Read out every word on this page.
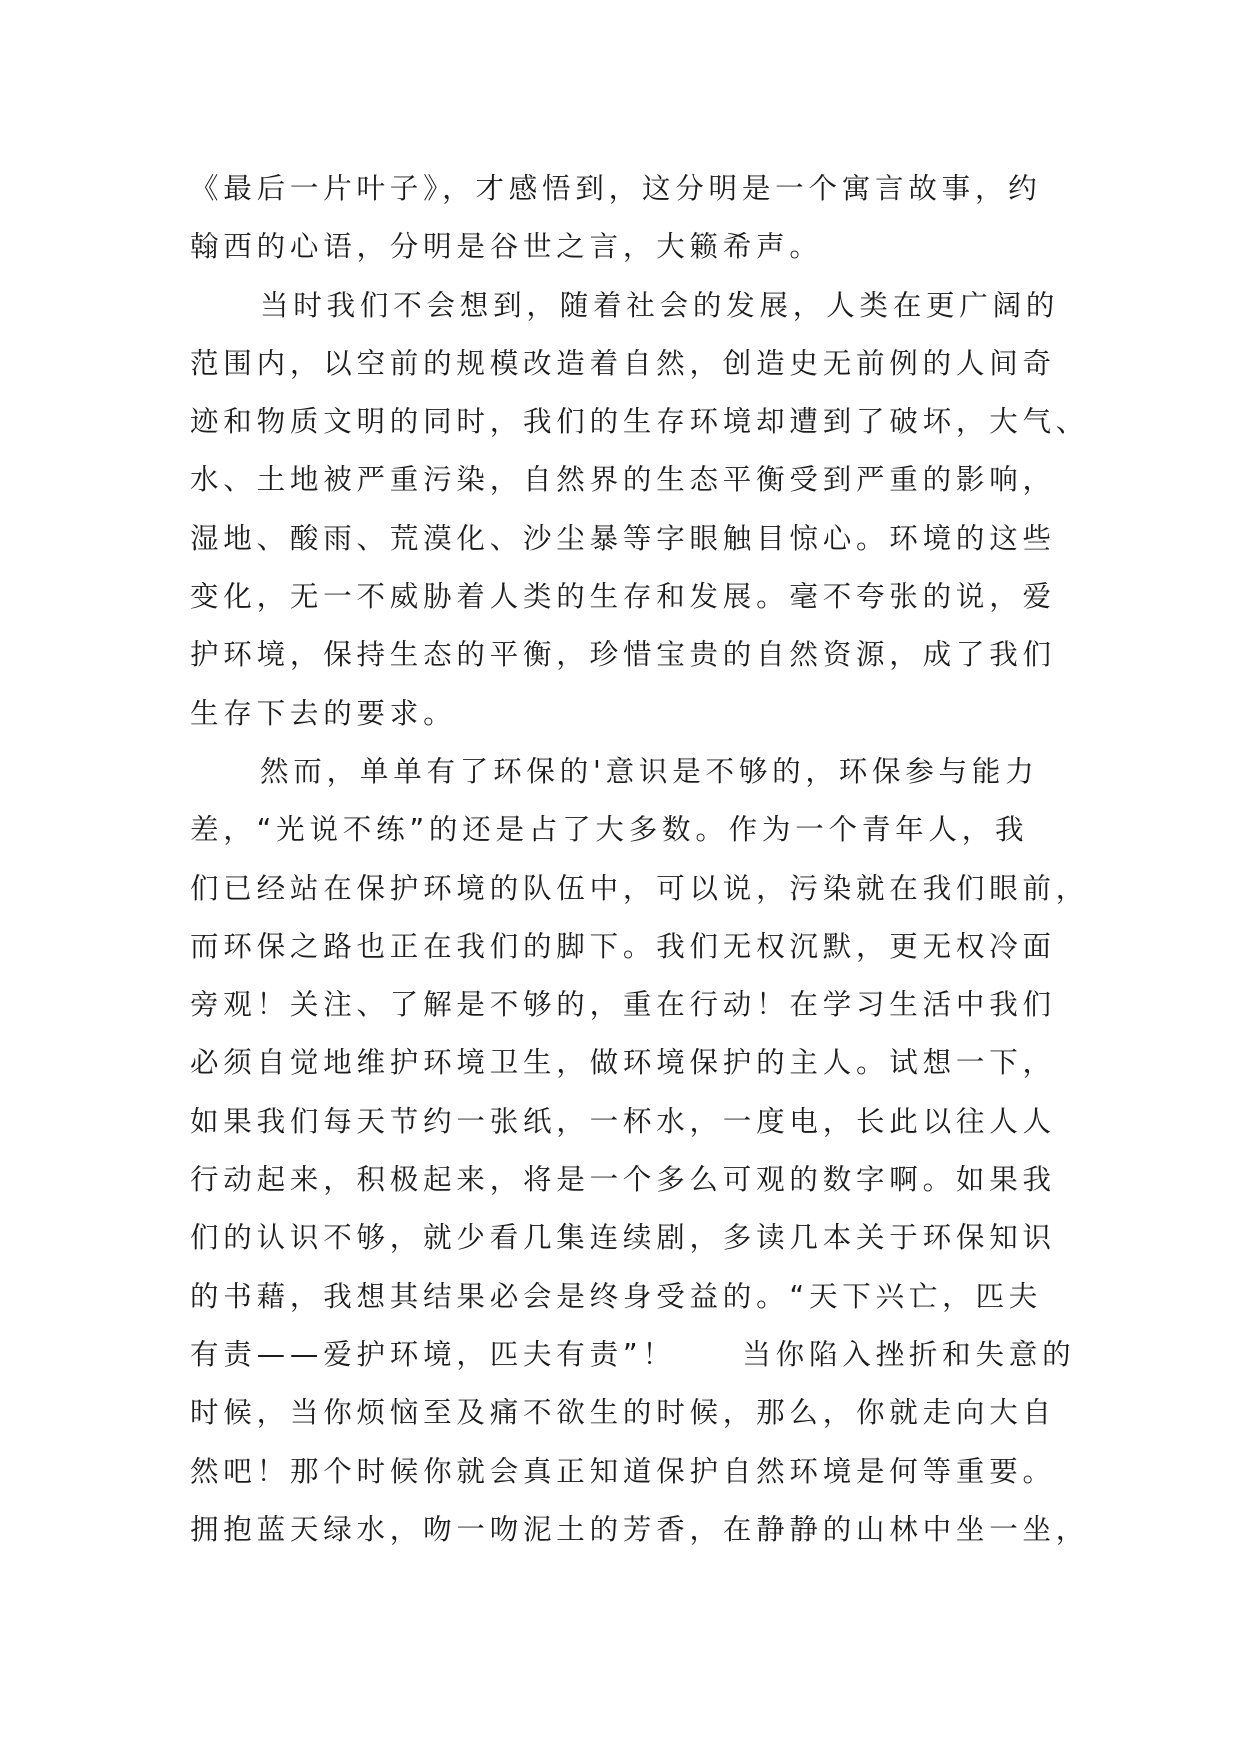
《最后一片叶子》，才感悟到，这分明是一个寓言故事，约
翰西的心语，分明是谷世之言，大籁希声。
当时我们不会想到，随着社会的发展，人类在更广阔的
范围内，以空前的规模改造着自然，创造史无前例的人间奇
迹和物质文明的同时，我们的生存环境却遭到了破坏，大气、
水、土地被严重污染，自然界的生态平衡受到严重的影响，
湿地、酸雨、荒漠化、沙尘暴等字眼触目惊心。环境的这些
变化，无一不威胁着人类的生存和发展。毫不夸张的说，爱
护环境，保持生态的平衡，珍惜宝贵的自然资源，成了我们
生存下去的要求。
然而，单单有了环保的'意识是不够的，环保参与能力
差，“光说不练”的还是占了大多数。作为一个青年人，我
们已经站在保护环境的队伍中，可以说，污染就在我们眼前，
而环保之路也正在我们的脚下。我们无权沉默，更无权冷面
旁观！关注、了解是不够的，重在行动！在学习生活中我们
必须自觉地维护环境卫生，做环境保护的主人。试想一下，
如果我们每天节约一张纸，一杯水，一度电，长此以往人人
行动起来，积极起来，将是一个多么可观的数字啊。如果我
们的认识不够，就少看几集连续剧，多读几本关于环保知识
的书藉，我想其结果必会是终身受益的。“天下兴亡，匹夫
有责——爱护环境，匹夫有责”！　　当你陷入挫折和失意的
时候，当你烦恼至及痛不欲生的时候，那么，你就走向大自
然吧！那个时候你就会真正知道保护自然环境是何等重要。
拥抱蓝天绿水，吻一吻泥土的芳香，在静静的山林中坐一坐，
